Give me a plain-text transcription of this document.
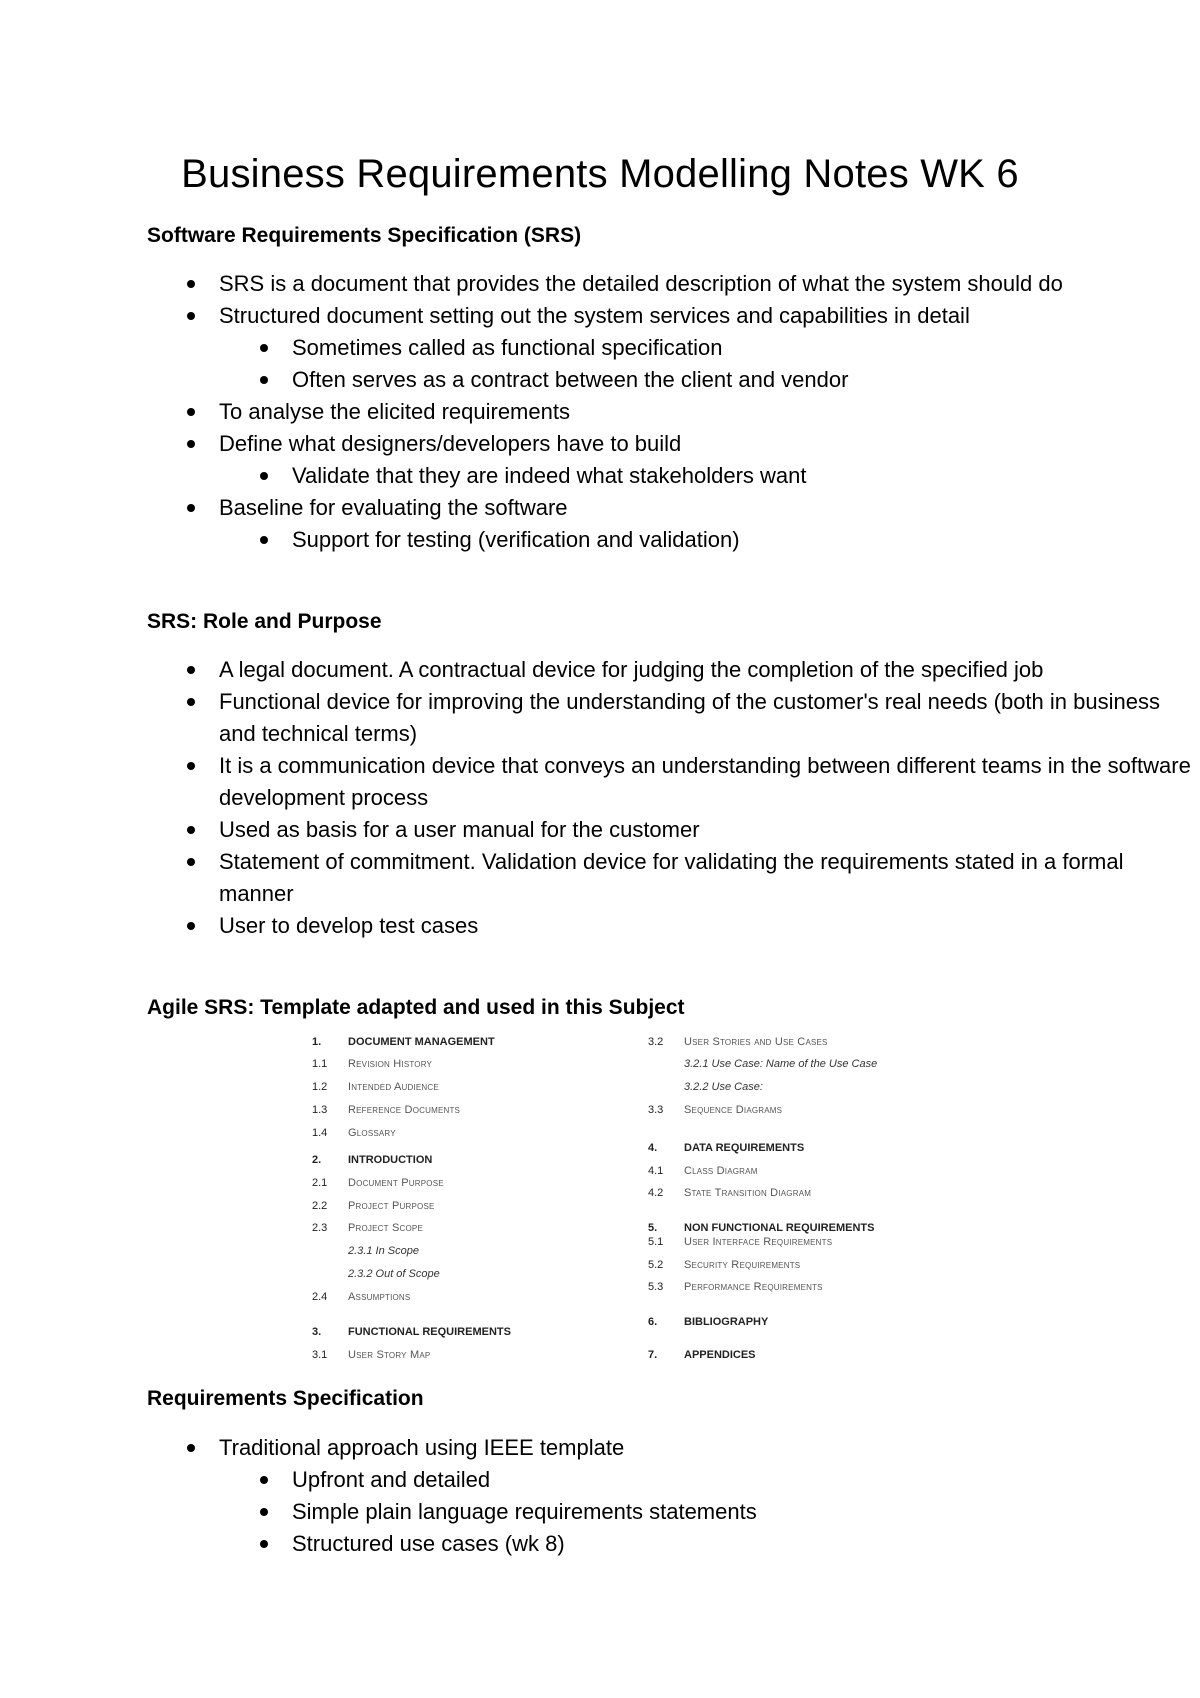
Business Requirements Modelling Notes WK 6
Software Requirements Specification (SRS)
SRS is a document that provides the detailed description of what the system should do
Structured document setting out the system services and capabilities in detail
Sometimes called as functional specification
Often serves as a contract between the client and vendor
To analyse the elicited requirements
Define what designers/developers have to build
Validate that they are indeed what stakeholders want
Baseline for evaluating the software
Support for testing (verification and validation)
SRS: Role and Purpose
A legal document. A contractual device for judging the completion of the specified job
Functional device for improving the understanding of the customer's real needs (both in business and technical terms)
It is a communication device that conveys an understanding between different teams in the software development process
Used as basis for a user manual for the customer
Statement of commitment. Validation device for validating the requirements stated in a formal manner
User to develop test cases
Agile SRS: Template adapted and used in this Subject
1. DOCUMENT MANAGEMENT
1.1 Revision History
1.2 Intended Audience
1.3 Reference Documents
1.4 Glossary
2. INTRODUCTION
2.1 Document Purpose
2.2 Project Purpose
2.3 Project Scope
2.3.1 In Scope
2.3.2 Out of Scope
2.4 Assumptions
3. FUNCTIONAL REQUIREMENTS
3.1 User Story Map
3.2 User Stories and Use Cases
3.2.1 Use Case: Name of the Use Case
3.2.2 Use Case:
3.3 Sequence Diagrams
4. DATA REQUIREMENTS
4.1 Class Diagram
4.2 State Transition Diagram
5. NON FUNCTIONAL REQUIREMENTS
5.1 User Interface Requirements
5.2 Security Requirements
5.3 Performance Requirements
6. BIBLIOGRAPHY
7. APPENDICES
Requirements Specification
Traditional approach using IEEE template
Upfront and detailed
Simple plain language requirements statements
Structured use cases (wk 8)
